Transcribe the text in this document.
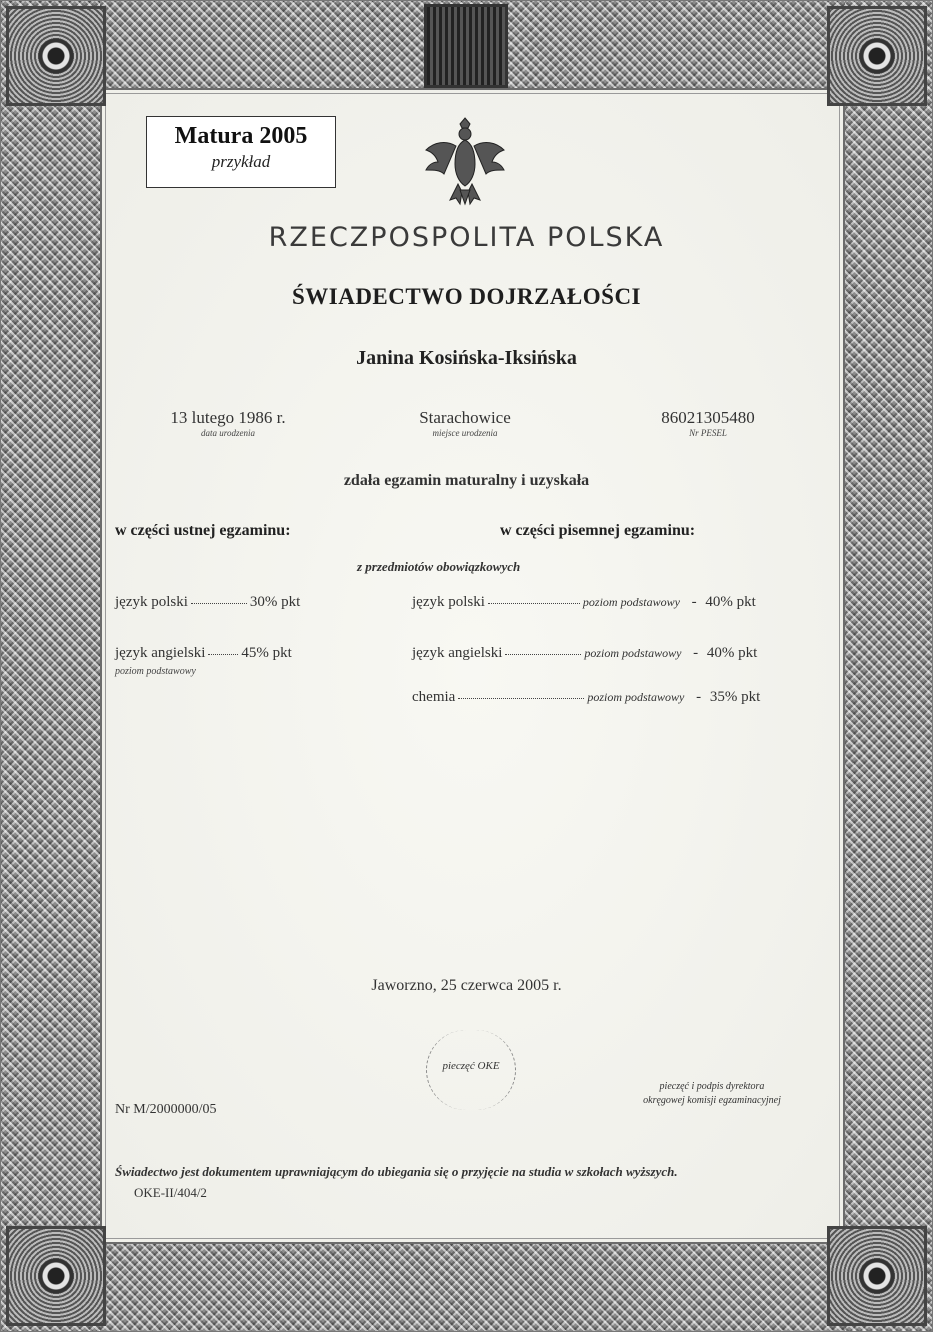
Matura 2005
przykład
RZECZPOSPOLITA POLSKA
ŚWIADECTWO DOJRZAŁOŚCI
Janina Kosińska-Iksińska
13 lutego 1986 r.
data urodzenia
Starachowice
miejsce urodzenia
86021305480
Nr PESEL
zdała egzamin maturalny i uzyskała
w części ustnej egzaminu:	w części pisemnej egzaminu:
z przedmiotów obowiązkowych
język polski	30% pkt
język angielski 45% pkt
poziom podstawowy
język polski	poziom podstawowy - 40% pkt
język angielski	poziom podstawowy - 40% pkt
chemia	poziom podstawowy - 35% pkt
Jaworzno, 25 czerwca 2005 r.
pieczęć OKE
pieczęć i podpis dyrektora
okręgowej komisji egzaminacyjnej
Nr M/2000000/05
Świadectwo jest dokumentem uprawniającym do ubiegania się o przyjęcie na studia w szkołach wyższych.
OKE-II/404/2
